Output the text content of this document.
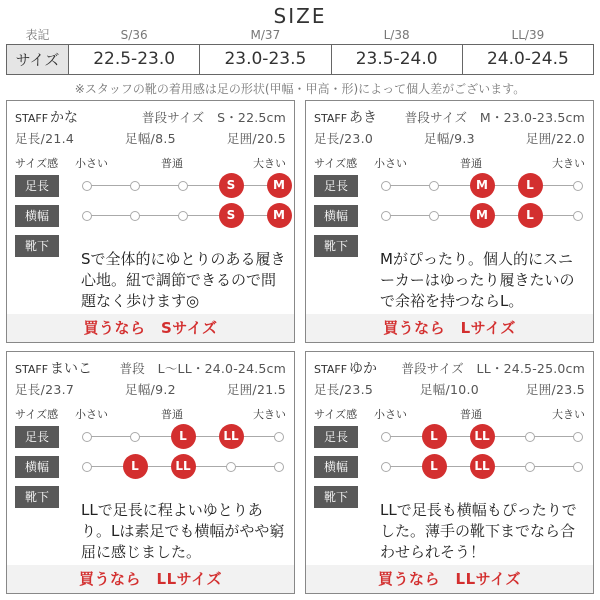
SIZE
表記	S/36	M/37	L/38	LL/39
サイズ	22.5-23.0	23.0-23.5	23.5-24.0	24.0-24.5
※スタッフの靴の着用感は足の形状(甲幅・甲高・形)によって個人差がございます。
STAFF かな	普段サイズ　S・22.5cm
足長/21.4	足幅/8.5	足囲/20.5
サイズ感 小さい	普通	大きい
足長	S	M
横幅	S	M
靴下
Sで全体的にゆとりのある履き心地。紐で調節できるので問題なく歩けます◎
買うなら　Sサイズ
STAFF あき 普段サイズ　M・23.0-23.5cm
足長/23.0	足幅/9.3	足囲/22.0
サイズ感 小さい	普通	大きい
足長	M	L
横幅	M	L
靴下
Mがぴったり。個人的にスニーカーはゆったり履きたいので余裕を持つならL。
買うなら　Lサイズ
STAFF まいこ 普段　L〜LL・24.0-24.5cm
足長/23.7	足幅/9.2	足囲/21.5
サイズ感 小さい	普通	大きい
足長	L	LL
横幅	L	LL
靴下
LLで足長に程よいゆとりあり。Lは素足でも横幅がやや窮屈に感じました。
買うなら　LLサイズ
STAFF ゆか 普段サイズ　LL・24.5-25.0cm
足長/23.5	足幅/10.0	足囲/23.5
サイズ感 小さい	普通	大きい
足長	L	LL
横幅	L	LL
靴下
LLで足長も横幅もぴったりでした。薄手の靴下までなら合わせられそう！
買うなら　LLサイズ
